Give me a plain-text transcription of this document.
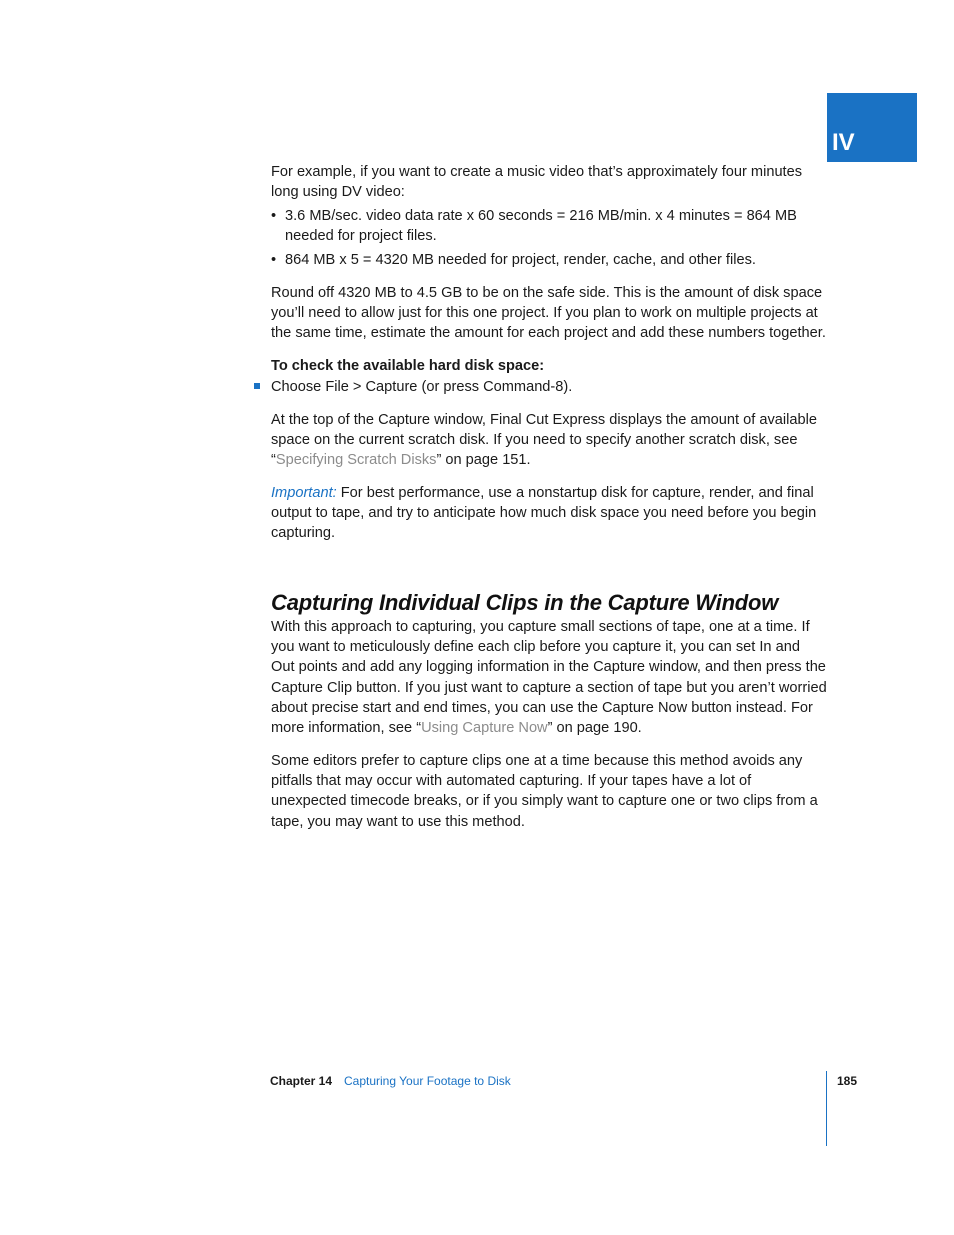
IV

For example, if you want to create a music video that’s approximately four minutes long using DV video:

• 3.6 MB/sec. video data rate x 60 seconds = 216 MB/min. x 4 minutes = 864 MB needed for project files.
• 864 MB x 5 = 4320 MB needed for project, render, cache, and other files.

Round off 4320 MB to 4.5 GB to be on the safe side. This is the amount of disk space you’ll need to allow just for this one project. If you plan to work on multiple projects at the same time, estimate the amount for each project and add these numbers together.

To check the available hard disk space:

Choose File > Capture (or press Command-8).

At the top of the Capture window, Final Cut Express displays the amount of available space on the current scratch disk. If you need to specify another scratch disk, see “Specifying Scratch Disks” on page 151.

Important: For best performance, use a nonstartup disk for capture, render, and final output to tape, and try to anticipate how much disk space you need before you begin capturing.

Capturing Individual Clips in the Capture Window

With this approach to capturing, you capture small sections of tape, one at a time. If you want to meticulously define each clip before you capture it, you can set In and Out points and add any logging information in the Capture window, and then press the Capture Clip button. If you just want to capture a section of tape but you aren’t worried about precise start and end times, you can use the Capture Now button instead. For more information, see “Using Capture Now” on page 190.

Some editors prefer to capture clips one at a time because this method avoids any pitfalls that may occur with automated capturing. If your tapes have a lot of unexpected timecode breaks, or if you simply want to capture one or two clips from a tape, you may want to use this method.

Chapter 14 Capturing Your Footage to Disk	185
